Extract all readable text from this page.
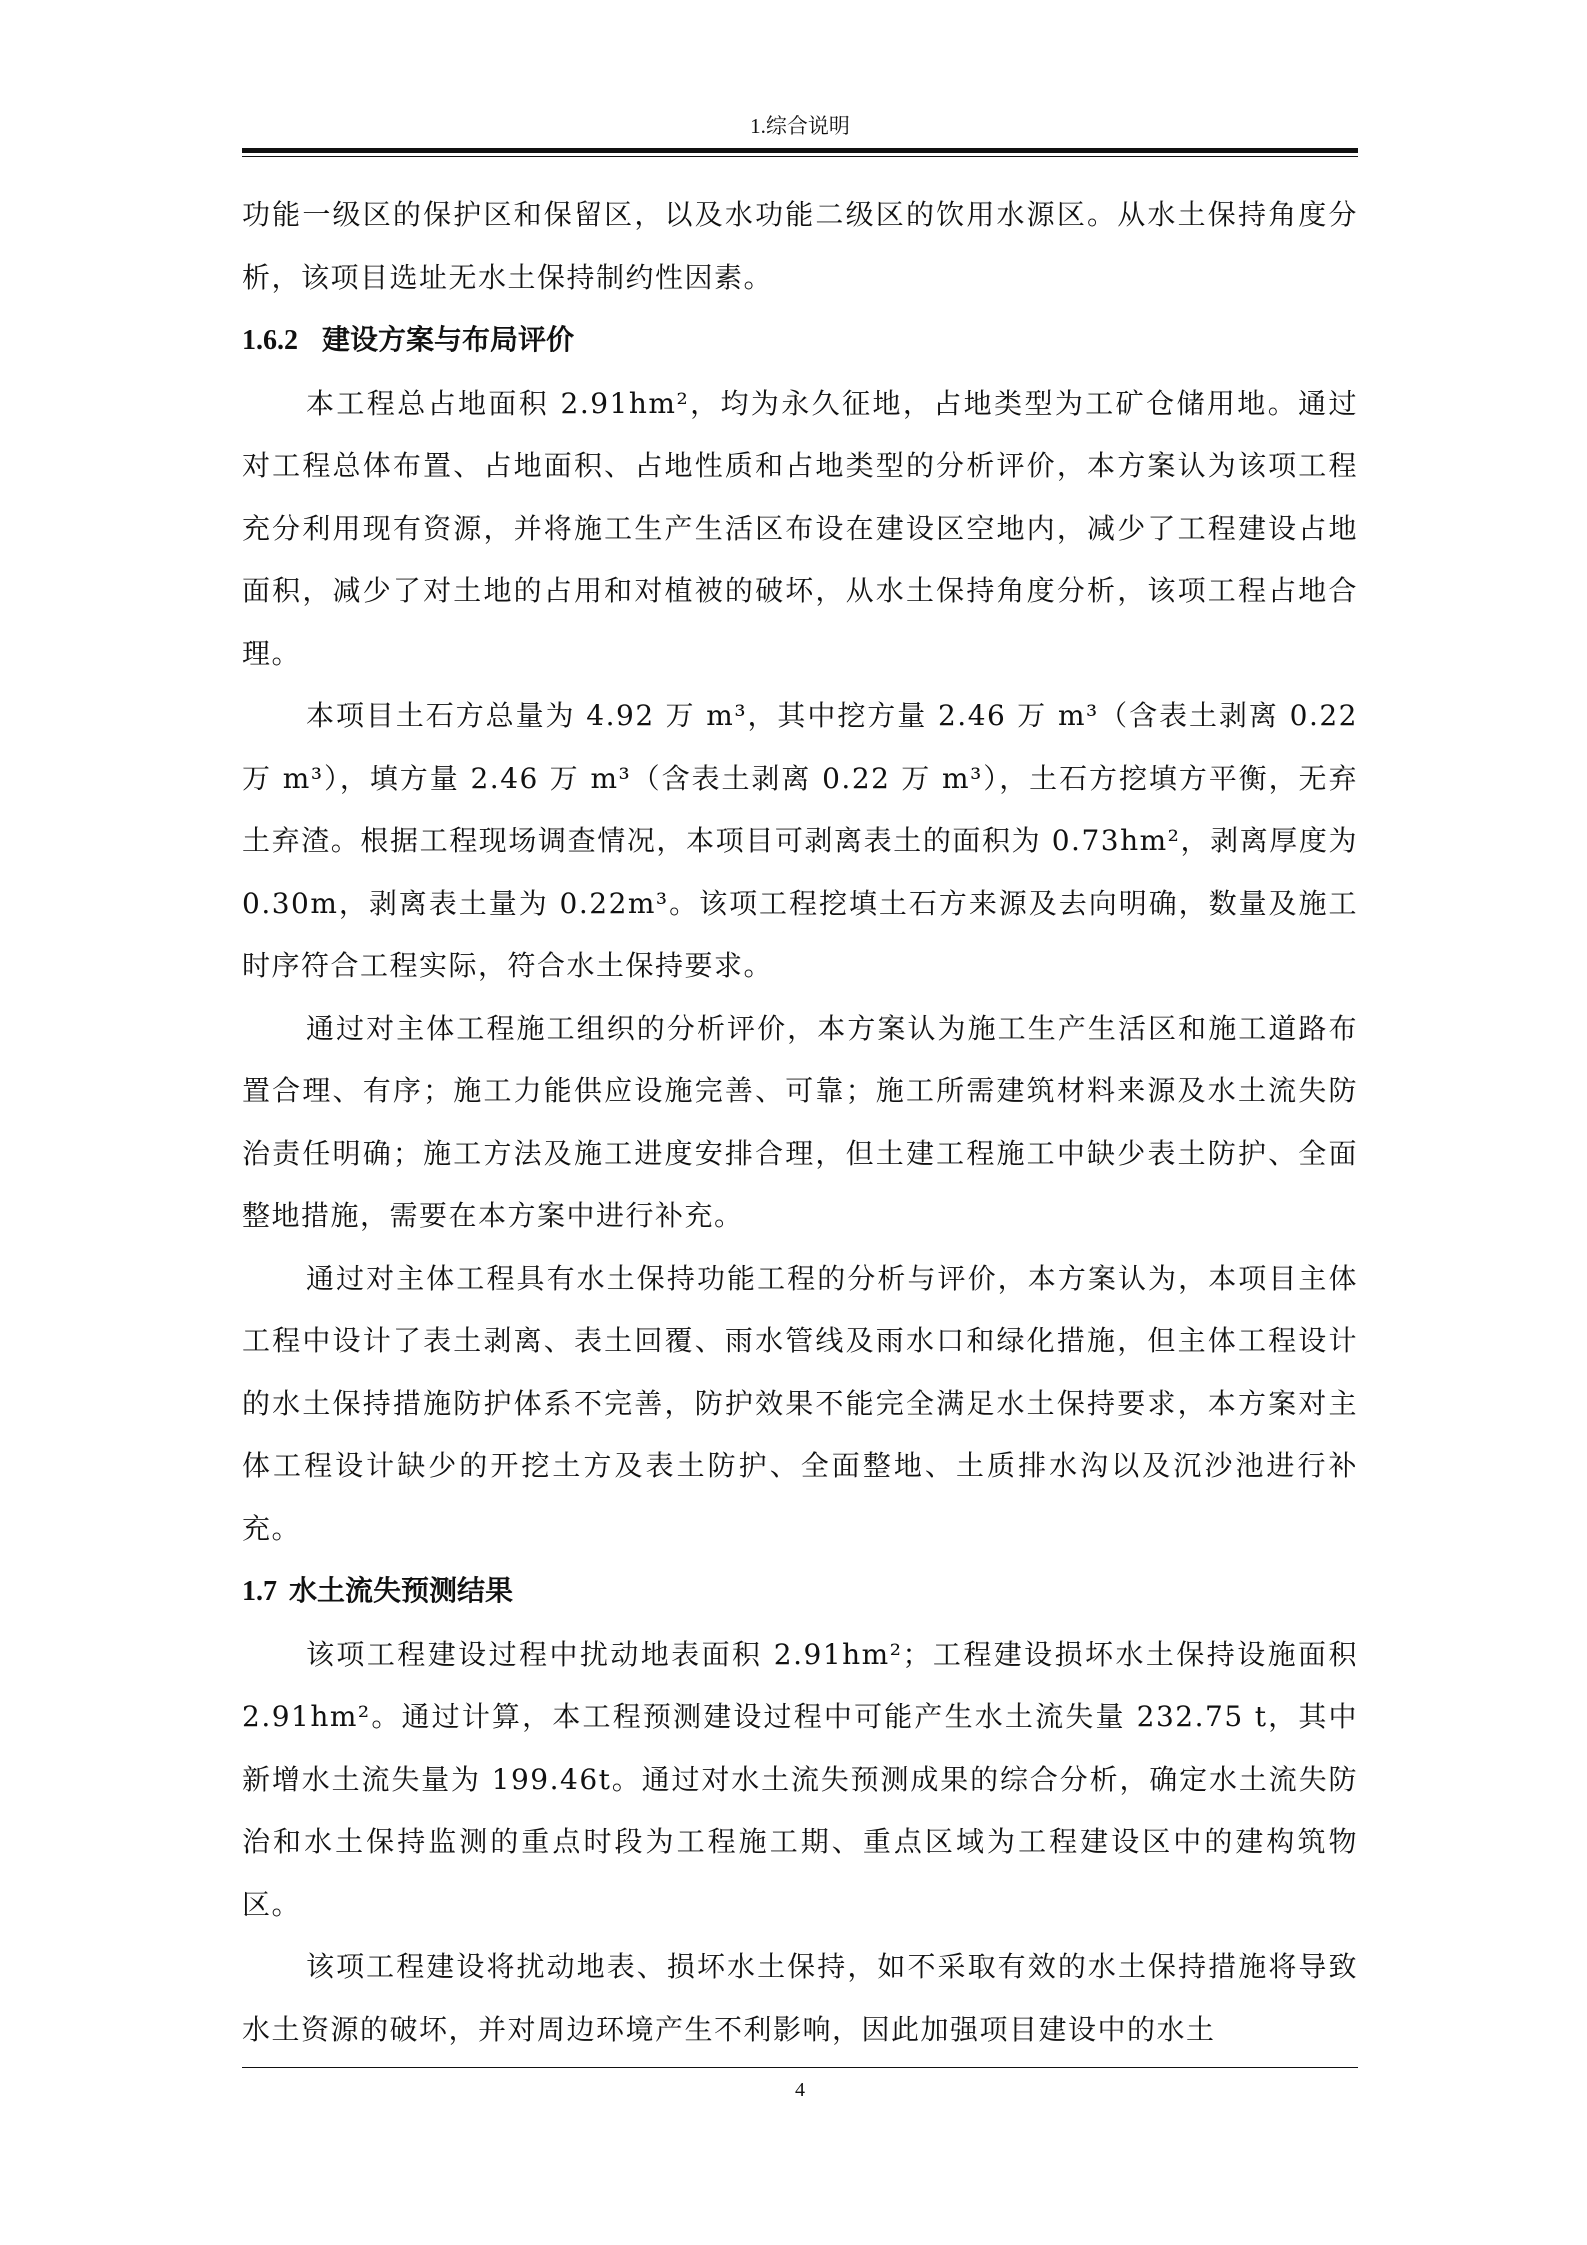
1.综合说明

功能一级区的保护区和保留区，以及水功能二级区的饮用水源区。从水土保持角度分析，该项目选址无水土保持制约性因素。

1.6.2 建设方案与布局评价

本工程总占地面积 2.91hm²，均为永久征地，占地类型为工矿仓储用地。通过对工程总体布置、占地面积、占地性质和占地类型的分析评价，本方案认为该项工程充分利用现有资源，并将施工生产生活区布设在建设区空地内，减少了工程建设占地面积，减少了对土地的占用和对植被的破坏，从水土保持角度分析，该项工程占地合理。

本项目土石方总量为 4.92 万 m³，其中挖方量 2.46 万 m³（含表土剥离 0.22 万 m³），填方量 2.46 万 m³（含表土剥离 0.22 万 m³），土石方挖填方平衡，无弃土弃渣。根据工程现场调查情况，本项目可剥离表土的面积为 0.73hm²，剥离厚度为 0.30m，剥离表土量为 0.22m³。该项工程挖填土石方来源及去向明确，数量及施工时序符合工程实际，符合水土保持要求。

通过对主体工程施工组织的分析评价，本方案认为施工生产生活区和施工道路布置合理、有序；施工力能供应设施完善、可靠；施工所需建筑材料来源及水土流失防治责任明确；施工方法及施工进度安排合理，但土建工程施工中缺少表土防护、全面整地措施，需要在本方案中进行补充。

通过对主体工程具有水土保持功能工程的分析与评价，本方案认为，本项目主体工程中设计了表土剥离、表土回覆、雨水管线及雨水口和绿化措施，但主体工程设计的水土保持措施防护体系不完善，防护效果不能完全满足水土保持要求，本方案对主体工程设计缺少的开挖土方及表土防护、全面整地、土质排水沟以及沉沙池进行补充。

1.7 水土流失预测结果

该项工程建设过程中扰动地表面积 2.91hm²；工程建设损坏水土保持设施面积 2.91hm²。通过计算，本工程预测建设过程中可能产生水土流失量 232.75 t，其中新增水土流失量为 199.46t。通过对水土流失预测成果的综合分析，确定水土流失防治和水土保持监测的重点时段为工程施工期、重点区域为工程建设区中的建构筑物区。

该项工程建设将扰动地表、损坏水土保持，如不采取有效的水土保持措施将导致水土资源的破坏，并对周边环境产生不利影响，因此加强项目建设中的水土

4
